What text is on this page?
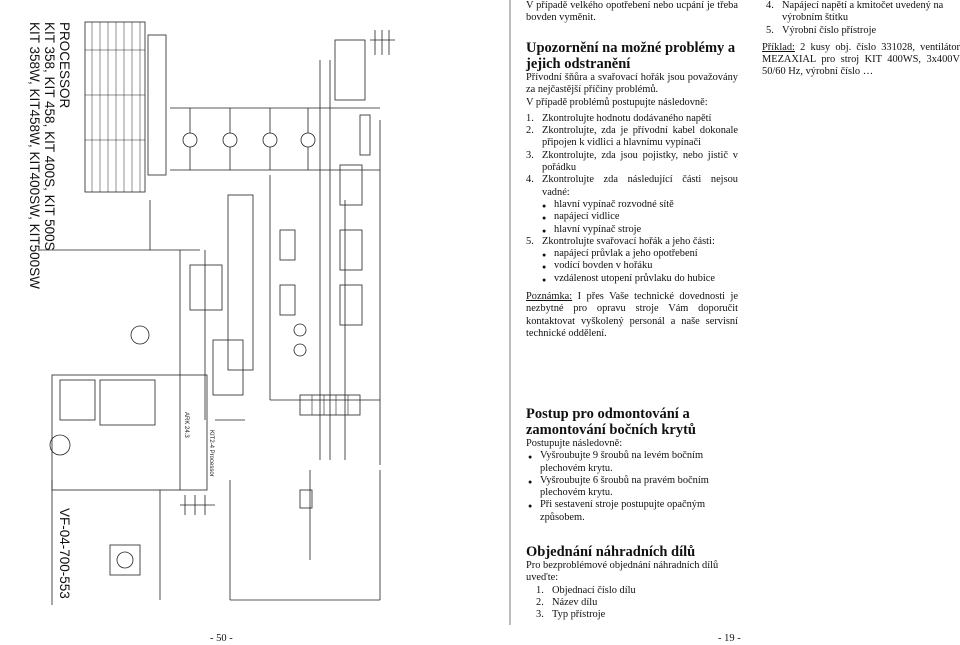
KIT2-4 Processor
ARK 24.3
PROCESSOR
KIT 358, KIT 458, KIT 400S, KIT 500S
KIT 358W, KIT458W, KIT400SW, KIT500SW
VF-04-700-553
- 50 -
V případě velkého opotřebení nebo ucpání je třeba bovden vyměnit.
Upozornění na možné problémy a jejich odstranění
Přívodní šňůra a svařovací hořák jsou považovány za nejčastější příčiny problémů.
V případě problémů postupujte následovně:
1. Zkontrolujte hodnotu dodávaného napětí
2. Zkontrolujte, zda je přívodní kabel dokonale připojen k vidlici a hlavnímu vypínači
3. Zkontrolujte, zda jsou pojistky, nebo jistič v pořádku
4. Zkontrolujte zda následující části nejsou vadné:
● hlavní vypínač rozvodné sítě
● napájecí vidlice
● hlavní vypínač stroje
5. Zkontrolujte svařovací hořák a jeho části:
● napájecí průvlak a jeho opotřebení
● vodící bovden v hořáku
● vzdálenost utopení průvlaku do hubice
Poznámka: I přes Vaše technické dovednosti je nezbytné pro opravu stroje Vám doporučit kontaktovat vyškolený personál a naše servisní technické oddělení.
Postup pro odmontování a zamontování bočních krytů
Postupujte následovně:
● Vyšroubujte 9 šroubů na levém bočním plechovém krytu.
● Vyšroubujte 6 šroubů na pravém bočním plechovém krytu.
● Při sestavení stroje postupujte opačným způsobem.
Objednání náhradních dílů
Pro bezproblémové objednání náhradních dílů uveďte:
1. Objednací číslo dílu
2. Název dílu
3. Typ přístroje
4. Napájecí napětí a kmitočet uvedený na výrobním štítku
5. Výrobní číslo přístroje
Příklad: 2 kusy obj. číslo 331028, ventilátor MEZAXIAL pro stroj KIT 400WS, 3x400V 50/60 Hz, výrobní číslo …
- 19 -
